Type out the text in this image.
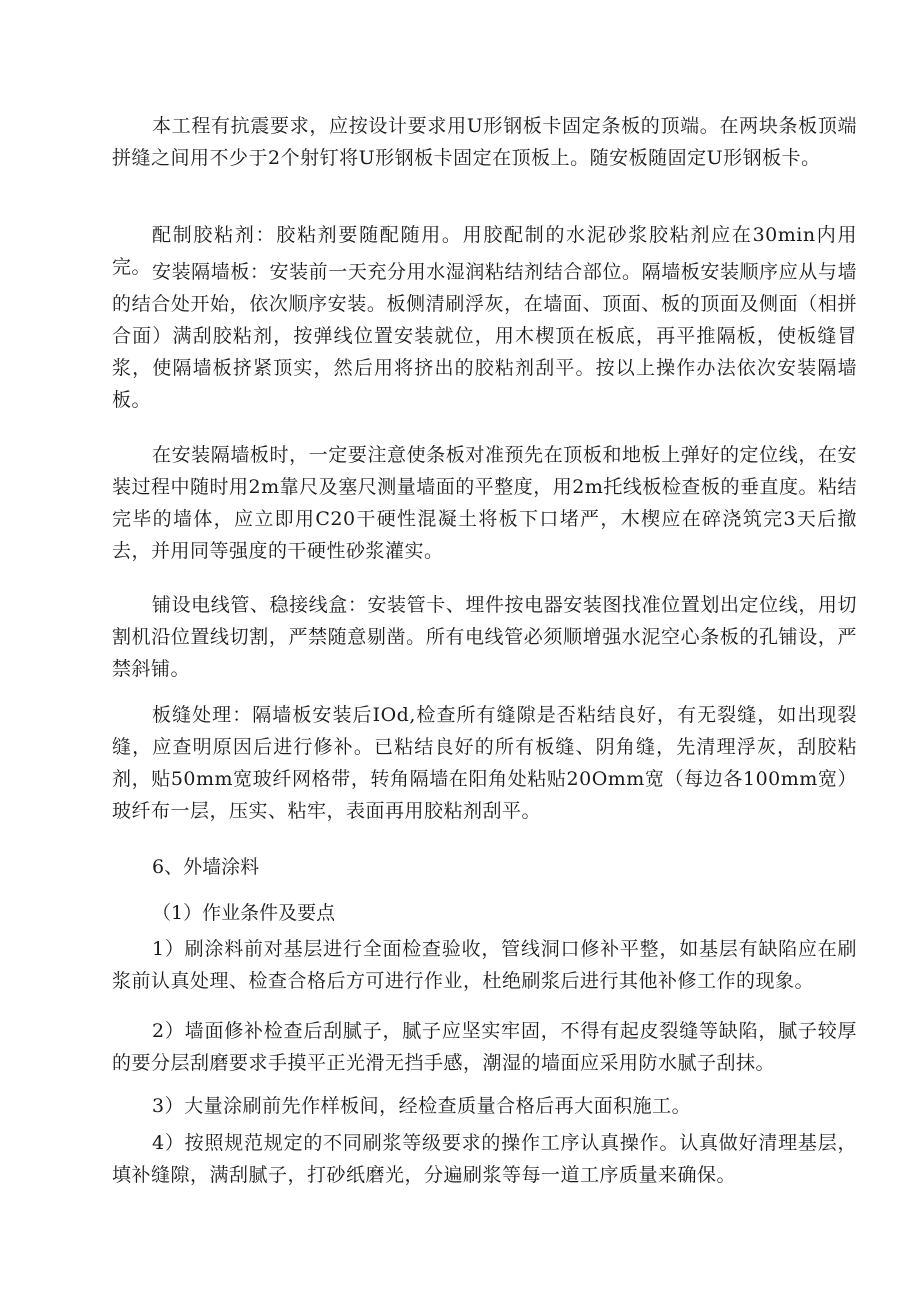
本工程有抗震要求，应按设计要求用U形钢板卡固定条板的顶端。在两块条板顶端拼缝之间用不少于2个射钉将U形钢板卡固定在顶板上。随安板随固定U形钢板卡。

配制胶粘剂：胶粘剂要随配随用。用胶配制的水泥砂浆胶粘剂应在30min内用完。 安装隔墙板：安装前一天充分用水湿润粘结剂结合部位。隔墙板安装顺序应从与墙的结合处开始，依次顺序安装。板侧清刷浮灰，在墙面、顶面、板的顶面及侧面（相拼合面）满刮胶粘剂，按弹线位置安装就位，用木楔顶在板底，再平推隔板，使板缝冒浆，使隔墙板挤紧顶实，然后用将挤出的胶粘剂刮平。按以上操作办法依次安装隔墙板。

在安装隔墙板时，一定要注意使条板对准预先在顶板和地板上弹好的定位线，在安装过程中随时用2m靠尺及塞尺测量墙面的平整度，用2m托线板检查板的垂直度。粘结完毕的墙体，应立即用C20干硬性混凝土将板下口堵严，木楔应在碎浇筑完3天后撤去，并用同等强度的干硬性砂浆灌实。

铺设电线管、稳接线盒：安装管卡、埋件按电器安装图找准位置划出定位线，用切割机沿位置线切割，严禁随意剔凿。所有电线管必须顺增强水泥空心条板的孔铺设，严禁斜铺。

板缝处理：隔墙板安装后IOd,检查所有缝隙是否粘结良好，有无裂缝，如出现裂缝，应查明原因后进行修补。已粘结良好的所有板缝、阴角缝，先清理浮灰，刮胶粘剂，贴50mm宽玻纤网格带，转角隔墙在阳角处粘贴20Omm宽（每边各100mm宽）玻纤布一层，压实、粘牢，表面再用胶粘剂刮平。

6、外墙涂料

（1）作业条件及要点

1）刷涂料前对基层进行全面检查验收，管线洞口修补平整，如基层有缺陷应在刷浆前认真处理、检查合格后方可进行作业，杜绝刷浆后进行其他补修工作的现象。

2）墙面修补检查后刮腻子，腻子应坚实牢固，不得有起皮裂缝等缺陷，腻子较厚的要分层刮磨要求手摸平正光滑无挡手感，潮湿的墙面应采用防水腻子刮抹。

3）大量涂刷前先作样板间，经检查质量合格后再大面积施工。

4）按照规范规定的不同刷浆等级要求的操作工序认真操作。认真做好清理基层，填补缝隙，满刮腻子，打砂纸磨光，分遍刷浆等每一道工序质量来确保。
